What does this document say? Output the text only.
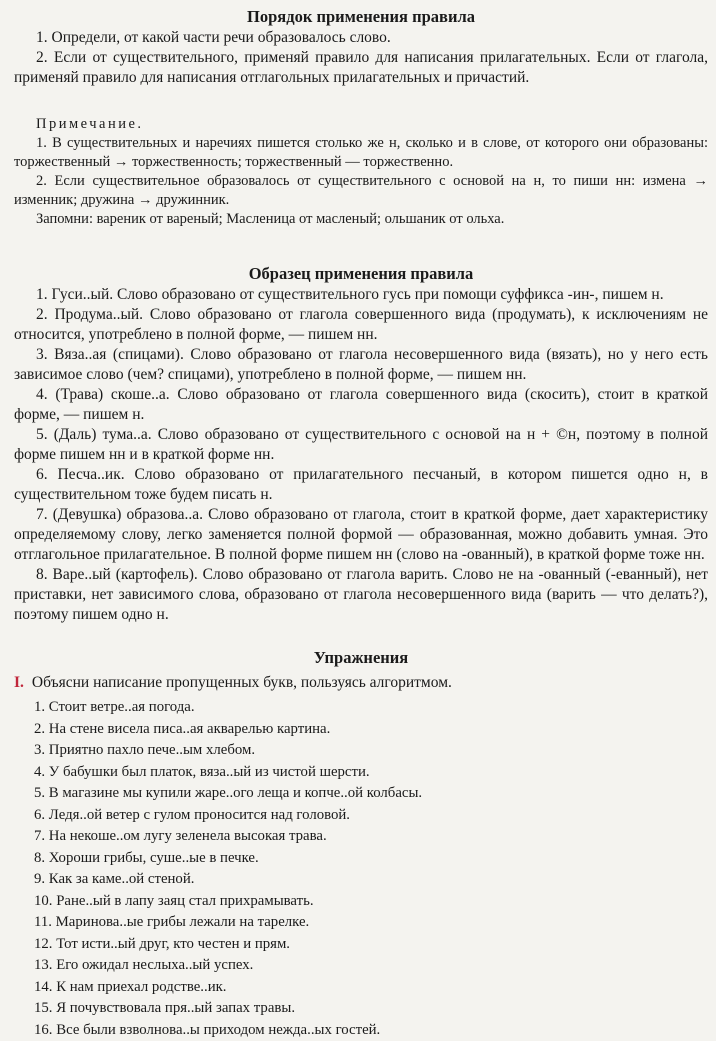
Порядок применения правила

1. Определи, от какой части речи образовалось слово.

2. Если от существительного, применяй правило для написания прилагательных. Если от глагола, применяй правило для написания отглагольных прилагательных и причастий.

Примечание.

1. В существительных и наречиях пишется столько же н, сколько и в слове, от которого они образованы: торжественный → торжественность; торжественный — торжественно.

2. Если существительное образовалось от существительного с основой на н, то пиши нн: измена → изменник; дружина → дружинник.

Запомни: вареник от вареный; Масленица от масленый; ольшаник от ольха.

Образец применения правила

1. Гуси..ый. Слово образовано от существительного гусь при помощи суффикса -ин-, пишем н.

2. Продума..ый. Слово образовано от глагола совершенного вида (продумать), к исключениям не относится, употреблено в полной форме, — пишем нн.

3. Вяза..ая (спицами). Слово образовано от глагола несовершенного вида (вязать), но у него есть зависимое слово (чем? спицами), употреблено в полной форме, — пишем нн.

4. (Трава) скоше..а. Слово образовано от глагола совершенного вида (скосить), стоит в краткой форме, — пишем н.

5. (Даль) тума..а. Слово образовано от существительного с основой на н + ©н, поэтому в полной форме пишем нн и в краткой форме нн.

6. Песча..ик. Слово образовано от прилагательного песчаный, в котором пишется одно н, в существительном тоже будем писать н.

7. (Девушка) образова..а. Слово образовано от глагола, стоит в краткой форме, дает характеристику определяемому слову, легко заменяется полной формой — образованная, можно добавить умная. Это отглагольное прилагательное. В полной форме пишем нн (слово на -ованный), в краткой форме тоже нн.

8. Варе..ый (картофель). Слово образовано от глагола варить. Слово не на -ованный (-еванный), нет приставки, нет зависимого слова, образовано от глагола несовершенного вида (варить — что делать?), поэтому пишем одно н.

Упражнения

I. Объясни написание пропущенных букв, пользуясь алгоритмом.

1. Стоит ветре..ая погода.
2. На стене висела писа..ая акварелью картина.
3. Приятно пахло пече..ым хлебом.
4. У бабушки был платок, вяза..ый из чистой шерсти.
5. В магазине мы купили жаре..ого леща и копче..ой колбасы.
6. Ледя..ой ветер с гулом проносится над головой.
7. На некоше..ом лугу зеленела высокая трава.
8. Хороши грибы, суше..ые в печке.
9. Как за каме..ой стеной.
10. Ране..ый в лапу заяц стал прихрамывать.
11. Маринова..ые грибы лежали на тарелке.
12. Тот исти..ый друг, кто честен и прям.
13. Его ожидал неслыха..ый успех.
14. К нам приехал родстве..ик.
15. Я почувствовала пря..ый запах травы.
16. Все были взволнова..ы приходом нежда..ых гостей.
